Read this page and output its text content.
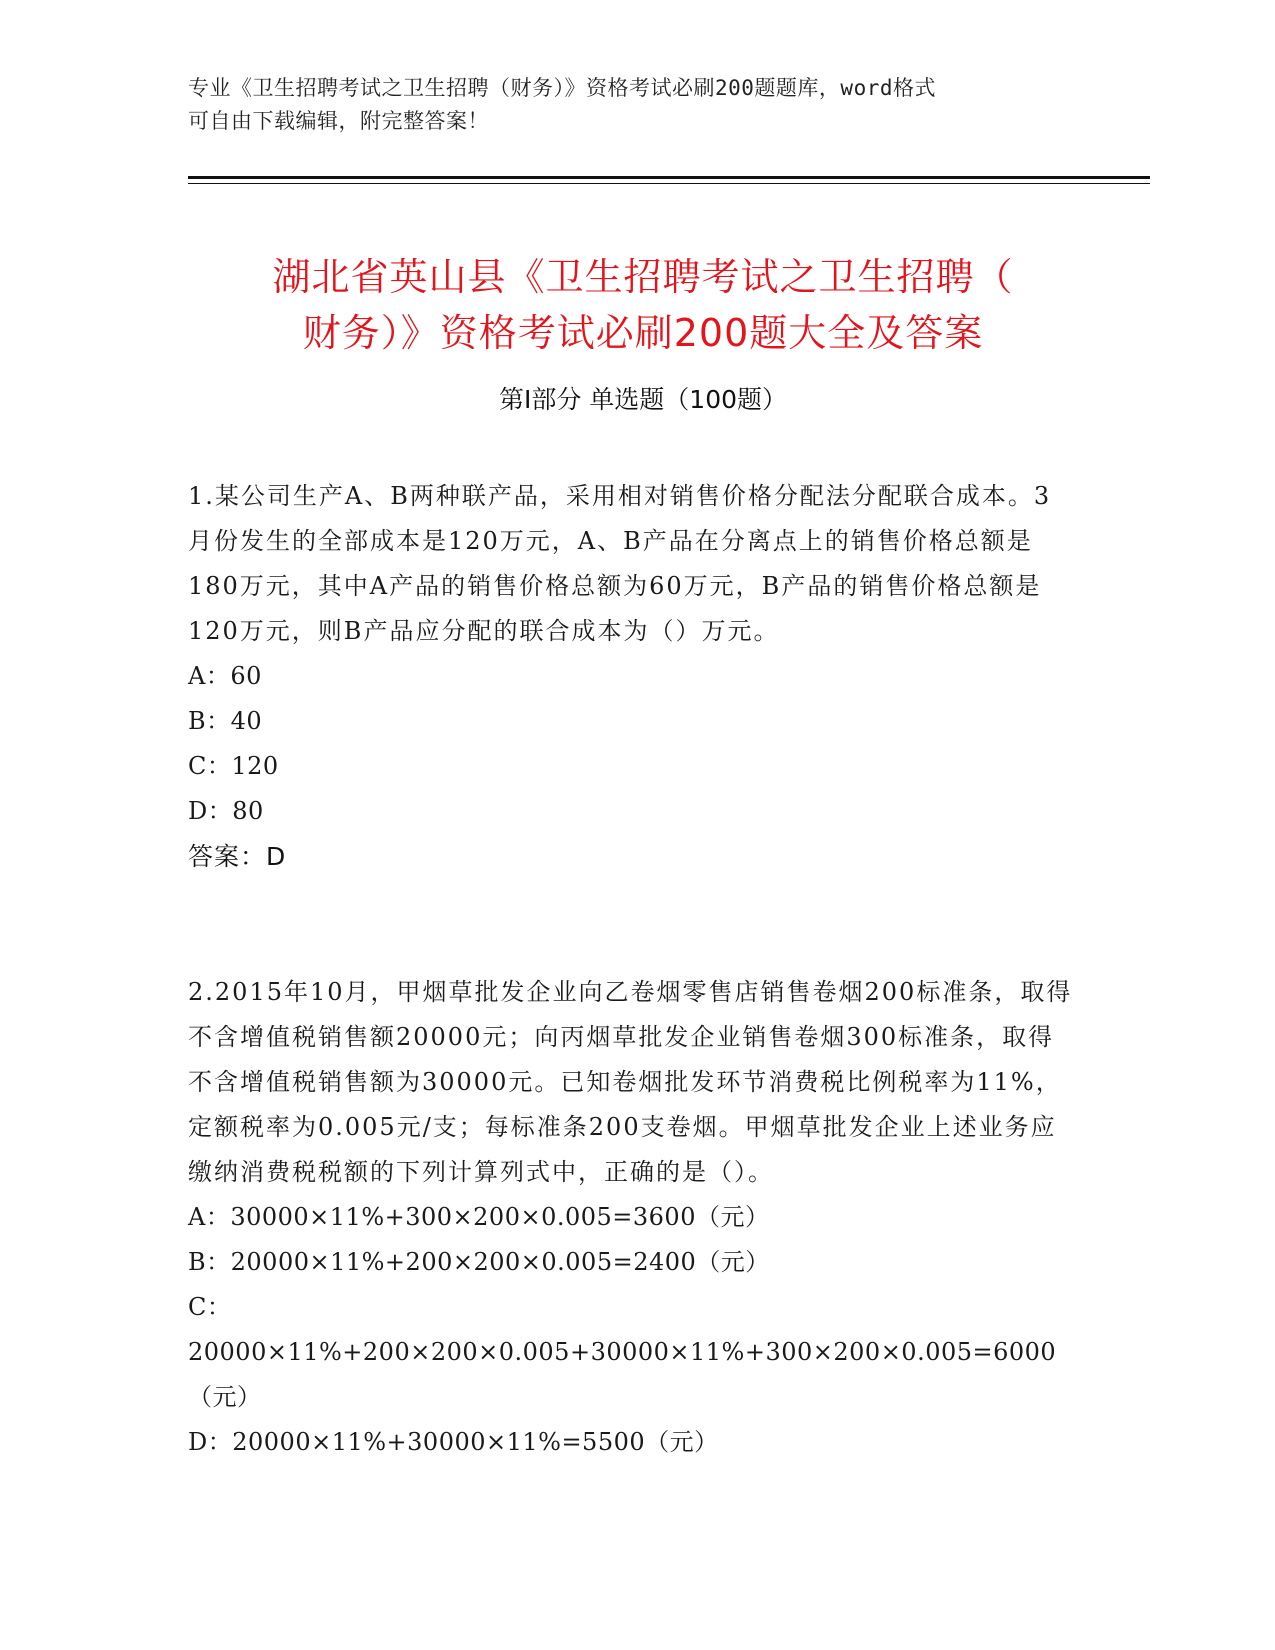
专业《卫生招聘考试之卫生招聘（财务）》资格考试必刷200题题库，word格式
可自由下载编辑，附完整答案！
湖北省英山县《卫生招聘考试之卫生招聘（
财务）》资格考试必刷200题大全及答案
第Ⅰ部分 单选题（100题）

1.某公司生产A、B两种联产品，采用相对销售价格分配法分配联合成本。3月份发生的全部成本是120万元，A、B产品在分离点上的销售价格总额是180万元，其中A产品的销售价格总额为60万元，B产品的销售价格总额是120万元，则B产品应分配的联合成本为（）万元。

A：60

B：40

C：120

D：80

答案：D

2.2015年10月，甲烟草批发企业向乙卷烟零售店销售卷烟200标准条，取得不含增值税销售额20000元；向丙烟草批发企业销售卷烟300标准条，取得不含增值税销售额为30000元。已知卷烟批发环节消费税比例税率为11%，定额税率为0.005元/支；每标准条200支卷烟。甲烟草批发企业上述业务应缴纳消费税税额的下列计算列式中，正确的是（）。

A：30000×11%+300×200×0.005=3600（元）

B：20000×11%+200×200×0.005=2400（元）

C：20000×11%+200×200×0.005+30000×11%+300×200×0.005=6000（元）

D：20000×11%+30000×11%=5500（元）
